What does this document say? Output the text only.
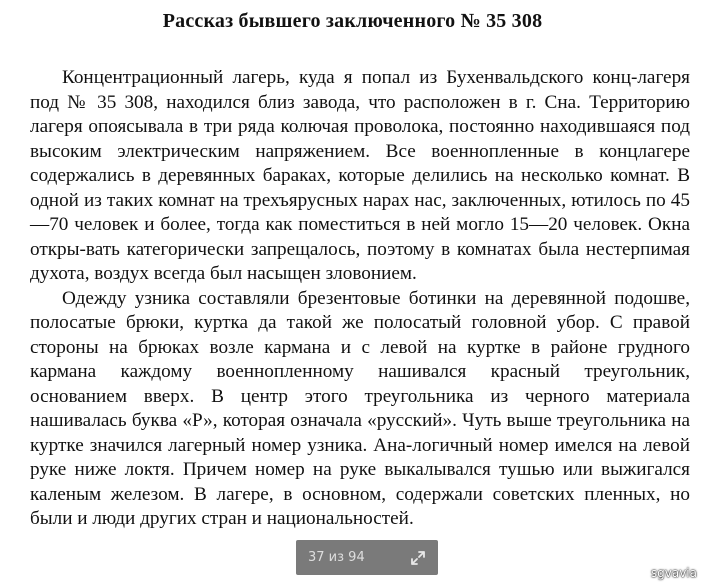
Рассказ бывшего заключенного № 35 308

Концентрационный лагерь, куда я попал из Бухенвальдского конц-лагеря под № 35 308, находился близ завода, что расположен в г. Сна. Территорию лагеря опоясывала в три ряда колючая проволока, постоянно находившаяся под высоким электрическим напряжением. Все военнопленные в концлагере содержались в деревянных бараках, которые делились на несколько комнат. В одной из таких комнат на трехъярусных нарах нас, заключенных, ютилось по 45—70 человек и более, тогда как поместиться в ней могло 15—20 человек. Окна откры-вать категорически запрещалось, поэтому в комнатах была нестерпимая духота, воздух всегда был насыщен зловонием.

Одежду узника составляли брезентовые ботинки на деревянной подошве, полосатые брюки, куртка да такой же полосатый головной убор. С правой стороны на брюках возле кармана и с левой на куртке в районе грудного кармана каждому военнопленному нашивался красный треугольник, основанием вверх. В центр этого треугольника из черного материала нашивалась буква «Р», которая означала «русский». Чуть выше треугольника на куртке значился лагерный номер узника. Ана-логичный номер имелся на левой руке ниже локтя. Причем номер на руке выкалывался тушью или выжигался каленым железом. В лагере, в основном, содержали советских пленных, но были и люди других стран и национальностей.

37 из 94
sgvavia
